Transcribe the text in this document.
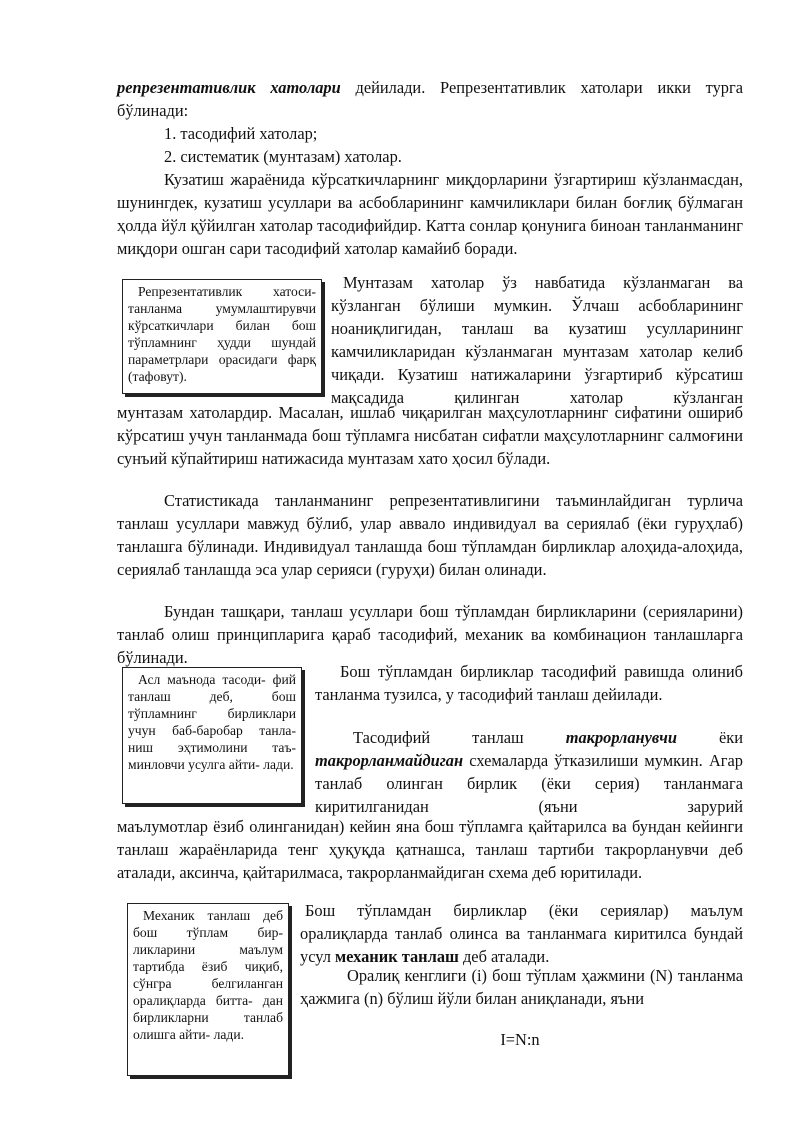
репрезентативлик хатолари дейилади. Репрезентативлик хатолари икки турга бўлинади:

1. тасодифий хатолар;

2. систематик (мунтазам) хатолар.

Кузатиш жараёнида кўрсаткичларнинг миқдорларини ўзгартириш кўзланмасдан, шунингдек, кузатиш усуллари ва асбобларининг камчиликлари билан боғлиқ бўлмаган ҳолда йўл қўйилган хатолар тасодифийдир. Катта сонлар қонунига биноан танланманинг миқдори ошган сари тасодифий хатолар камайиб боради.

Репрезентативлик хатоси- танланма умумлаштирувчи кўрсаткичлари билан бош тўпламнинг ҳудди шундай параметрлари орасидаги фарқ (тафовут).

Мунтазам хатолар ўз навбатида кўзланмаган ва кўзланган бўлиши мумкин. Ўлчаш асбобларининг ноаниқлигидан, танлаш ва кузатиш усулларининг камчиликларидан кўзланмаган мунтазам хатолар келиб чиқади. Кузатиш натижаларини ўзгартириб кўрсатиш мақсадида қилинган хатолар кўзланган

мунтазам хатолардир. Масалан, ишлаб чиқарилган маҳсулотларнинг сифатини ошириб кўрсатиш учун танланмада бош тўпламга нисбатан сифатли маҳсулотларнинг салмоғини сунъий кўпайтириш натижасида мунтазам хато ҳосил бўлади.

Статистикада танланманинг репрезентативлигини таъминлайдиган турлича танлаш усуллари мавжуд бўлиб, улар аввало индивидуал ва сериялаб (ёки гуруҳлаб) танлашга бўлинади. Индивидуал танлашда бош тўпламдан бирликлар алоҳида-алоҳида, сериялаб танлашда эса улар серияси (гуруҳи) билан олинади.

Бундан ташқари, танлаш усуллари бош тўпламдан бирликларини (серияларини) танлаб олиш принципларига қараб тасодифий, механик ва комбинацион танлашларга бўлинади.

Асл маънода тасоди- фий танлаш деб, бош тўпламнинг бирликлари учун баб-баробар танла- ниш эҳтимолини таъ- минловчи усулга айти- лади.

Бош тўпламдан бирликлар тасодифий равишда олиниб танланма тузилса, у тасодифий танлаш дейилади.

Тасодифий танлаш такрорланувчи ёки такрорланмайдиган схемаларда ўтказилиши мумкин. Агар танлаб олинган бирлик (ёки серия) танланмага киритилганидан (яъни зарурий

маълумотлар ёзиб олинганидан) кейин яна бош тўпламга қайтарилса ва бундан кейинги танлаш жараёнларида тенг ҳуқуқда қатнашса, танлаш тартиби такрорланувчи деб аталади, аксинча, қайтарилмаса, такрорланмайдиган схема деб юритилади.

Механик танлаш деб бош тўплам бир- ликларини маълум тартибда ёзиб чиқиб, сўнгра белгиланган оралиқларда битта- дан бирликларни танлаб олишга айти- лади.

Бош тўпламдан бирликлар (ёки сериялар) маълум оралиқларда танлаб олинса ва танланмага киритилса бундай усул механик танлаш деб аталади.

Оралиқ кенглиги (i) бош тўплам ҳажмини (N) танланма ҳажмига (n) бўлиш йўли билан аниқланади, яъни

I=N:n
